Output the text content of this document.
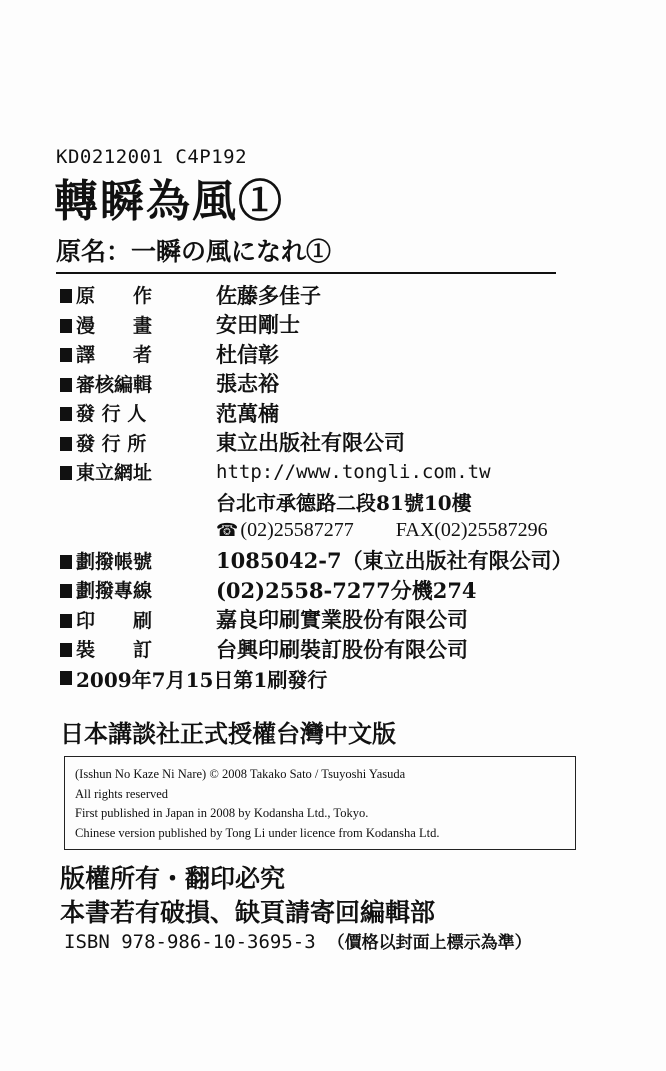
KD0212001 C4P192
轉瞬為風①
原名：一瞬の風になれ①
原　　作	佐藤多佳子
漫　　畫	安田剛士
譯　　者	杜信彰
審核編輯	張志裕
發 行 人	范萬楠
發 行 所	東立出版社有限公司
東立網址	http://www.tongli.com.tw
台北市承德路二段81號10樓
☎ (02)25587277 FAX(02)25587296
劃撥帳號	1085042-7（東立出版社有限公司）
劃撥專線	(02)2558-7277分機274
印　　刷	嘉良印刷實業股份有限公司
裝　　訂	台興印刷裝訂股份有限公司
2009年7月15日第1刷發行
日本講談社正式授權台灣中文版
(Isshun No Kaze Ni Nare) © 2008 Takako Sato / Tsuyoshi Yasuda
All rights reserved
First published in Japan in 2008 by Kodansha Ltd., Tokyo.
Chinese version published by Tong Li under licence from Kodansha Ltd.
版權所有・翻印必究
本書若有破損、缺頁請寄回編輯部
ISBN 978-986-10-3695-3 （價格以封面上標示為準）
